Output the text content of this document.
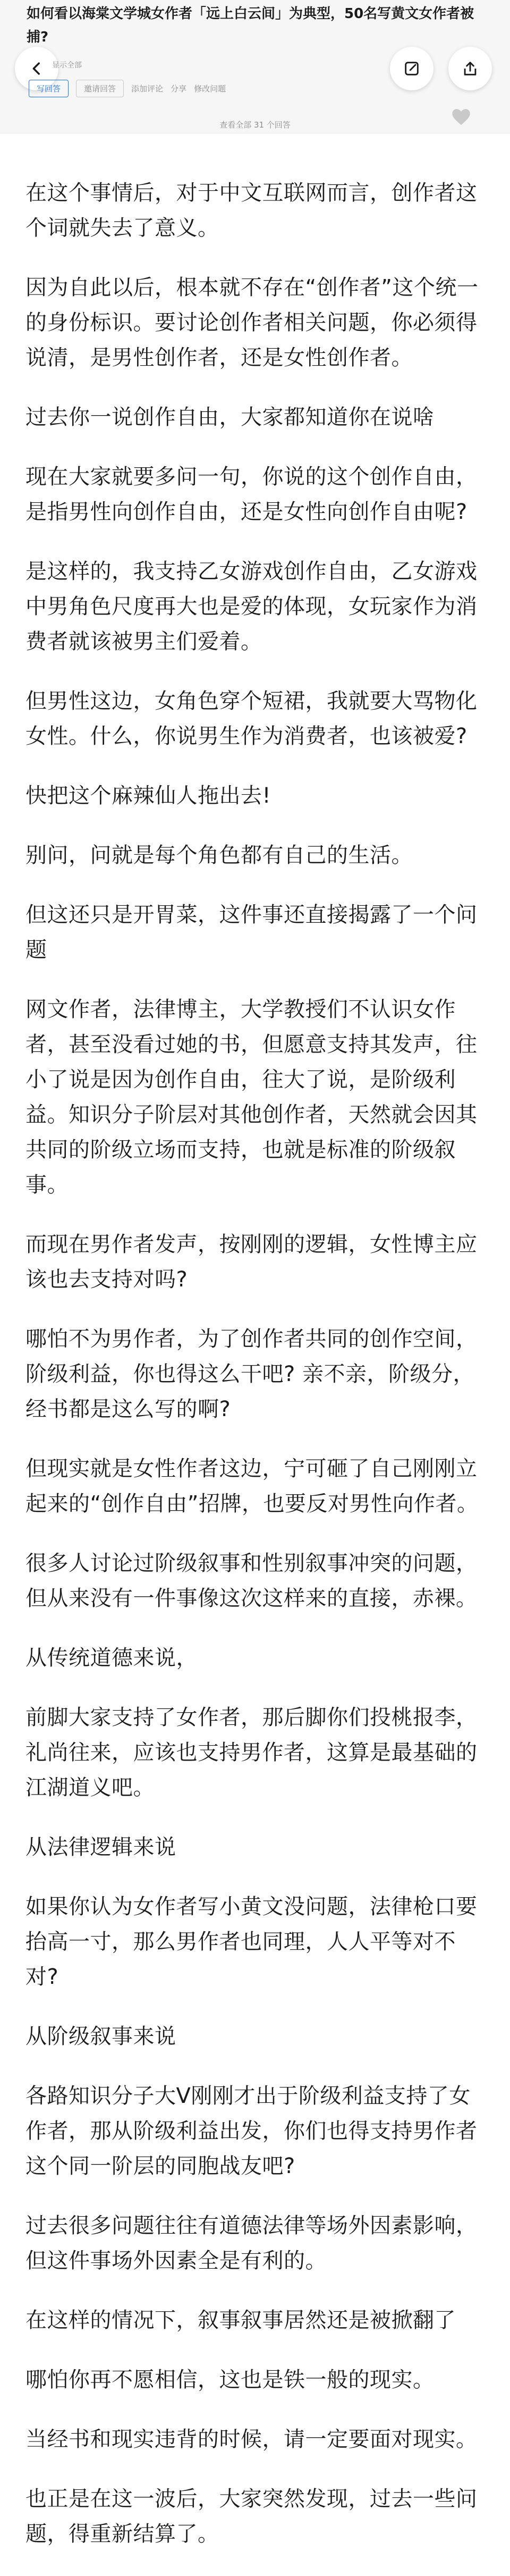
如何看以海棠文学城女作者「远上白云间」为典型，50名写黄文女作者被捕?
显示全部
写回答	邀请回答	添加评论 分享 修改问题
查看全部 31 个回答

在这个事情后，对于中文互联网而言，创作者这个词就失去了意义。

因为自此以后，根本就不存在“创作者”这个统一的身份标识。要讨论创作者相关问题，你必须得说清，是男性创作者，还是女性创作者。

过去你一说创作自由，大家都知道你在说啥

现在大家就要多问一句，你说的这个创作自由，是指男性向创作自由，还是女性向创作自由呢?

是这样的，我支持乙女游戏创作自由，乙女游戏中男角色尺度再大也是爱的体现，女玩家作为消费者就该被男主们爱着。

但男性这边，女角色穿个短裙，我就要大骂物化女性。什么，你说男生作为消费者，也该被爱?

快把这个麻辣仙人拖出去!

别问，问就是每个角色都有自己的生活。

但这还只是开胃菜，这件事还直接揭露了一个问题

网文作者，法律博主，大学教授们不认识女作者，甚至没看过她的书，但愿意支持其发声，往小了说是因为创作自由，往大了说，是阶级利益。知识分子阶层对其他创作者，天然就会因其共同的阶级立场而支持，也就是标准的阶级叙事。

而现在男作者发声，按刚刚的逻辑，女性博主应该也去支持对吗?

哪怕不为男作者，为了创作者共同的创作空间，阶级利益，你也得这么干吧? 亲不亲，阶级分，经书都是这么写的啊?

但现实就是女性作者这边，宁可砸了自己刚刚立起来的“创作自由”招牌，也要反对男性向作者。

很多人讨论过阶级叙事和性别叙事冲突的问题，但从来没有一件事像这次这样来的直接，赤裸。

从传统道德来说，

前脚大家支持了女作者，那后脚你们投桃报李，礼尚往来，应该也支持男作者，这算是最基础的江湖道义吧。

从法律逻辑来说

如果你认为女作者写小黄文没问题，法律枪口要抬高一寸，那么男作者也同理，人人平等对不对?

从阶级叙事来说

各路知识分子大V刚刚才出于阶级利益支持了女作者，那从阶级利益出发，你们也得支持男作者这个同一阶层的同胞战友吧?

过去很多问题往往有道德法律等场外因素影响，但这件事场外因素全是有利的。

在这样的情况下，叙事叙事居然还是被掀翻了

哪怕你再不愿相信，这也是铁一般的现实。

当经书和现实违背的时候，请一定要面对现实。

也正是在这一波后，大家突然发现，过去一些问题，得重新结算了。
